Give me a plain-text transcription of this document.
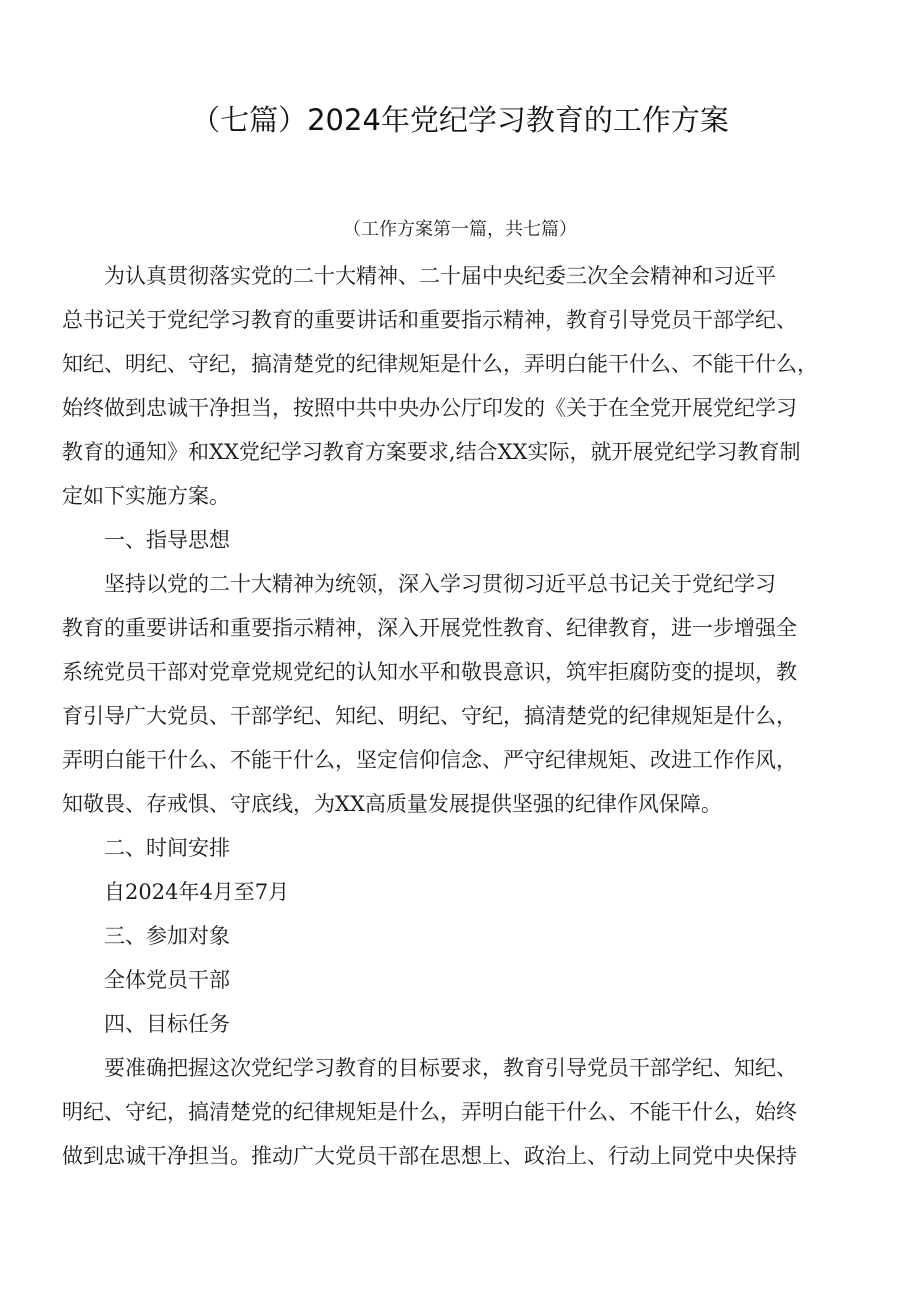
（七篇）2024年党纪学习教育的工作方案
（工作方案第一篇，共七篇）
为认真贯彻落实党的二十大精神、二十届中央纪委三次全会精神和习近平
总书记关于党纪学习教育的重要讲话和重要指示精神，教育引导党员干部学纪、
知纪、明纪、守纪，搞清楚党的纪律规矩是什么，弄明白能干什么、不能干什么，
始终做到忠诚干净担当，按照中共中央办公厅印发的《关于在全党开展党纪学习
教育的通知》和XX党纪学习教育方案要求,结合XX实际，就开展党纪学习教育制
定如下实施方案。
一、指导思想
坚持以党的二十大精神为统领，深入学习贯彻习近平总书记关于党纪学习
教育的重要讲话和重要指示精神，深入开展党性教育、纪律教育，进一步增强全
系统党员干部对党章党规党纪的认知水平和敬畏意识，筑牢拒腐防变的提坝，教
育引导广大党员、干部学纪、知纪、明纪、守纪，搞清楚党的纪律规矩是什么，
弄明白能干什么、不能干什么，坚定信仰信念、严守纪律规矩、改进工作作风，
知敬畏、存戒惧、守底线，为XX高质量发展提供坚强的纪律作风保障。
二、时间安排
自2024年4月至7月
三、参加对象
全体党员干部
四、目标任务
要准确把握这次党纪学习教育的目标要求，教育引导党员干部学纪、知纪、
明纪、守纪，搞清楚党的纪律规矩是什么，弄明白能干什么、不能干什么，始终
做到忠诚干净担当。推动广大党员干部在思想上、政治上、行动上同党中央保持
